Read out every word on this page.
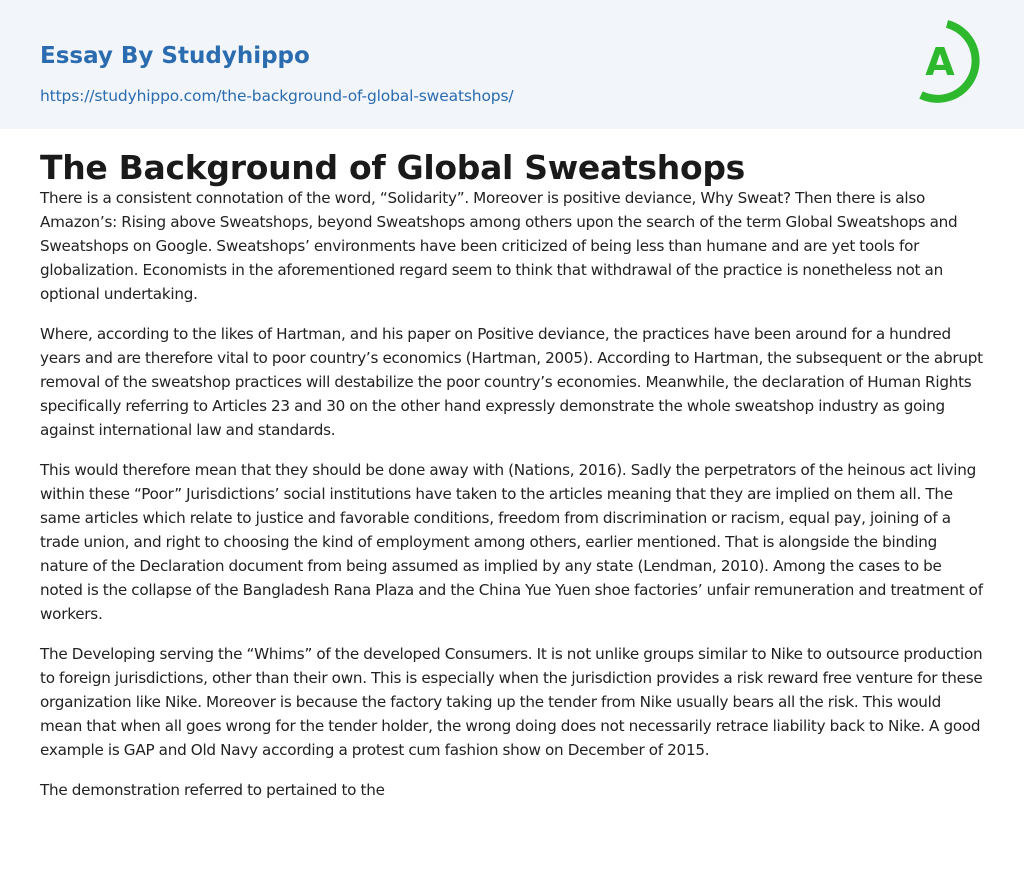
Essay By Studyhippo
https://studyhippo.com/the-background-of-global-sweatshops/
A
The Background of Global Sweatshops

There is a consistent connotation of the word, “Solidarity”. Moreover is positive deviance, Why Sweat? Then there is also Amazon’s: Rising above Sweatshops, beyond Sweatshops among others upon the search of the term Global Sweatshops and Sweatshops on Google. Sweatshops’ environments have been criticized of being less than humane and are yet tools for globalization. Economists in the aforementioned regard seem to think that withdrawal of the practice is nonetheless not an optional undertaking.

Where, according to the likes of Hartman, and his paper on Positive deviance, the practices have been around for a hundred years and are therefore vital to poor country’s economics (Hartman, 2005). According to Hartman, the subsequent or the abrupt removal of the sweatshop practices will destabilize the poor country’s economies. Meanwhile, the declaration of Human Rights specifically referring to Articles 23 and 30 on the other hand expressly demonstrate the whole sweatshop industry as going against international law and standards.

This would therefore mean that they should be done away with (Nations, 2016). Sadly the perpetrators of the heinous act living within these “Poor” Jurisdictions’ social institutions have taken to the articles meaning that they are implied on them all. The same articles which relate to justice and favorable conditions, freedom from discrimination or racism, equal pay, joining of a trade union, and right to choosing the kind of employment among others, earlier mentioned. That is alongside the binding nature of the Declaration document from being assumed as implied by any state (Lendman, 2010). Among the cases to be noted is the collapse of the Bangladesh Rana Plaza and the China Yue Yuen shoe factories’ unfair remuneration and treatment of workers.

The Developing serving the “Whims” of the developed Consumers. It is not unlike groups similar to Nike to outsource production to foreign jurisdictions, other than their own. This is especially when the jurisdiction provides a risk reward free venture for these organization like Nike. Moreover is because the factory taking up the tender from Nike usually bears all the risk. This would mean that when all goes wrong for the tender holder, the wrong doing does not necessarily retrace liability back to Nike. A good example is GAP and Old Navy according a protest cum fashion show on December of 2015.

The demonstration referred to pertained to the
